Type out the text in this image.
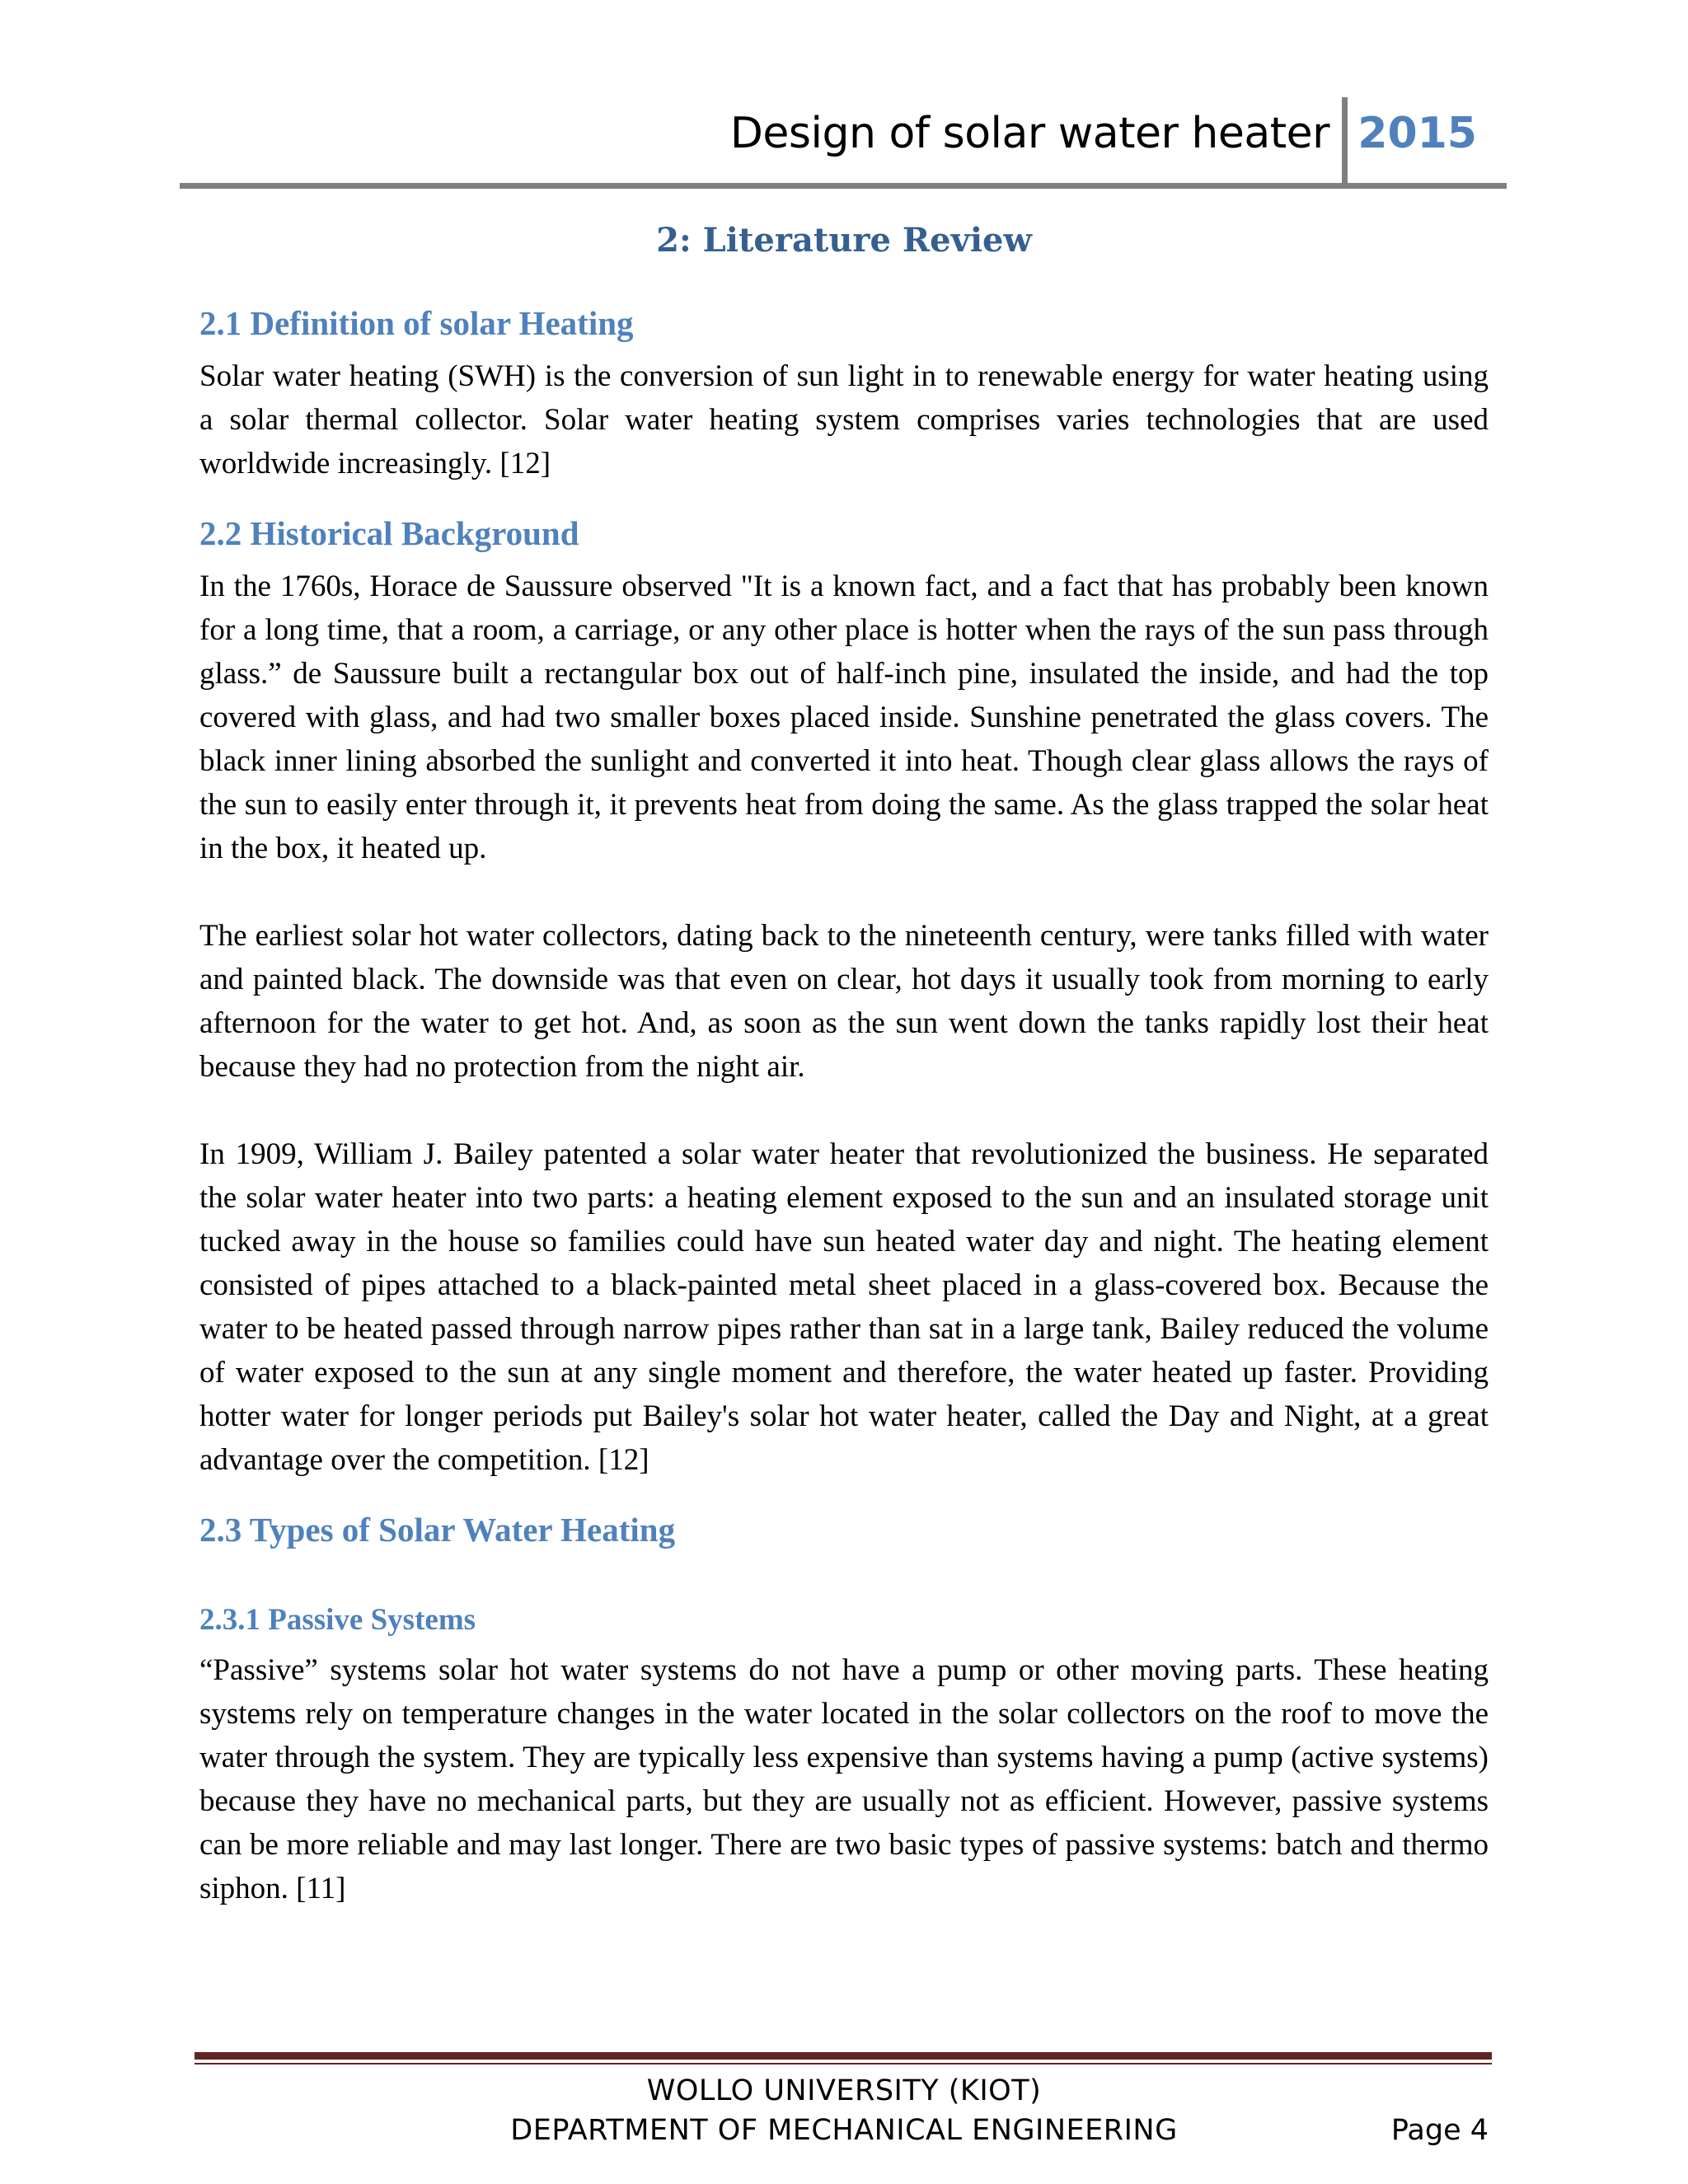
Design of solar water heater 2015
2: Literature Review
2.1 Definition of solar Heating

Solar water heating (SWH) is the conversion of sun light in to renewable energy for water heating using a solar thermal collector. Solar water heating system comprises varies technologies that are used worldwide increasingly. [12]

2.2 Historical Background

In the 1760s, Horace de Saussure observed "It is a known fact, and a fact that has probably been known for a long time, that a room, a carriage, or any other place is hotter when the rays of the sun pass through glass.” de Saussure built a rectangular box out of half-inch pine, insulated the inside, and had the top covered with glass, and had two smaller boxes placed inside. Sunshine penetrated the glass covers. The black inner lining absorbed the sunlight and converted it into heat. Though clear glass allows the rays of the sun to easily enter through it, it prevents heat from doing the same. As the glass trapped the solar heat in the box, it heated up.

The earliest solar hot water collectors, dating back to the nineteenth century, were tanks filled with water and painted black. The downside was that even on clear, hot days it usually took from morning to early afternoon for the water to get hot. And, as soon as the sun went down the tanks rapidly lost their heat because they had no protection from the night air.

In 1909, William J. Bailey patented a solar water heater that revolutionized the business. He separated the solar water heater into two parts: a heating element exposed to the sun and an insulated storage unit tucked away in the house so families could have sun heated water day and night. The heating element consisted of pipes attached to a black-painted metal sheet placed in a glass-covered box. Because the water to be heated passed through narrow pipes rather than sat in a large tank, Bailey reduced the volume of water exposed to the sun at any single moment and therefore, the water heated up faster. Providing hotter water for longer periods put Bailey's solar hot water heater, called the Day and Night, at a great advantage over the competition. [12]

2.3 Types of Solar Water Heating
2.3.1 Passive Systems

“Passive” systems solar hot water systems do not have a pump or other moving parts. These heating systems rely on temperature changes in the water located in the solar collectors on the roof to move the water through the system. They are typically less expensive than systems having a pump (active systems) because they have no mechanical parts, but they are usually not as efficient. However, passive systems can be more reliable and may last longer. There are two basic types of passive systems: batch and thermo siphon. [11]

WOLLO UNIVERSITY (KIOT)
DEPARTMENT OF MECHANICAL ENGINEERING	Page 4
